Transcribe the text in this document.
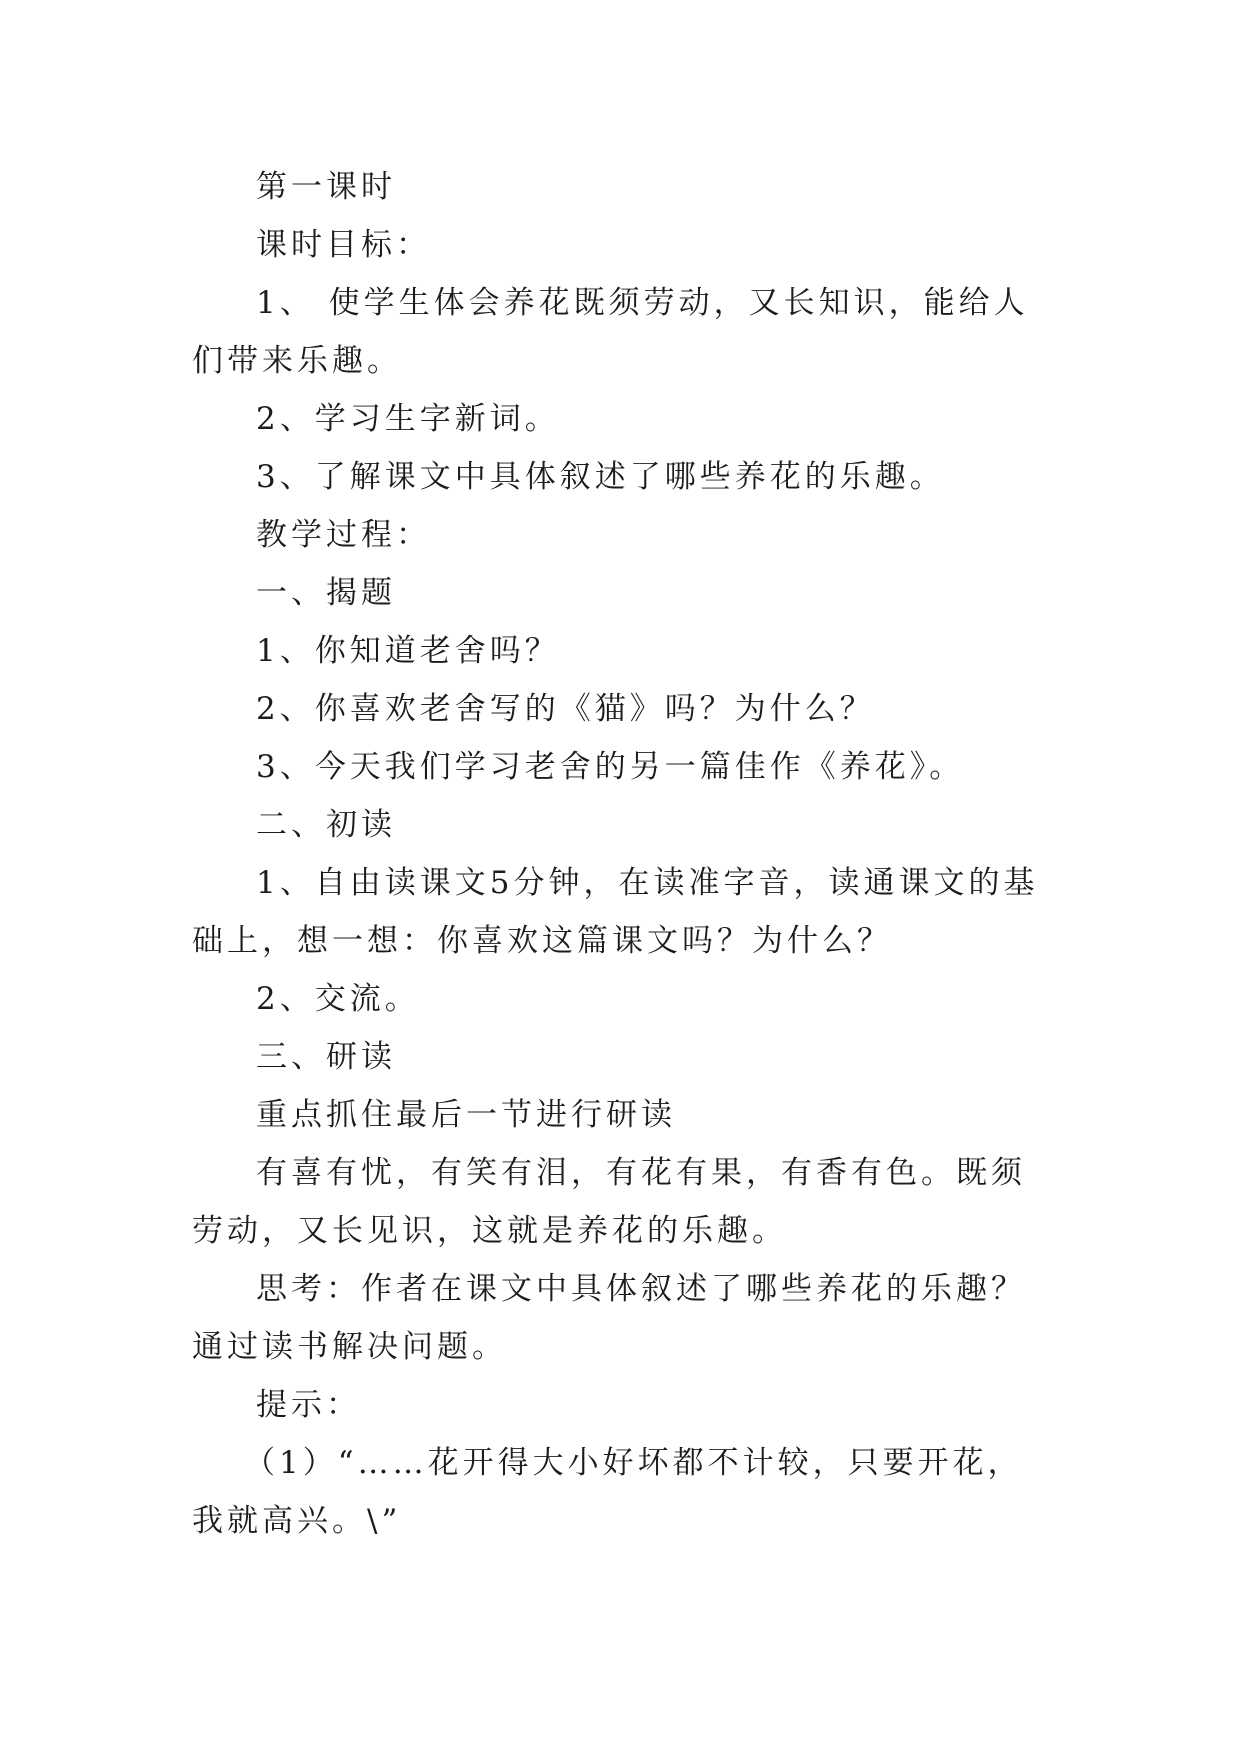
第一课时

课时目标：

1、 使学生体会养花既须劳动，又长知识，能给人们带来乐趣。

2、学习生字新词。

3、了解课文中具体叙述了哪些养花的乐趣。

教学过程：

一、揭题

1、你知道老舍吗？

2、你喜欢老舍写的《猫》吗？为什么？

3、今天我们学习老舍的另一篇佳作《养花》。

二、初读

1、自由读课文5分钟，在读准字音，读通课文的基础上，想一想：你喜欢这篇课文吗？为什么？

2、交流。

三、研读

重点抓住最后一节进行研读

有喜有忧，有笑有泪，有花有果，有香有色。既须劳动，又长见识，这就是养花的乐趣。

思考：作者在课文中具体叙述了哪些养花的乐趣？通过读书解决问题。

提示：

（1）“……花开得大小好坏都不计较，只要开花，我就高兴。\”
